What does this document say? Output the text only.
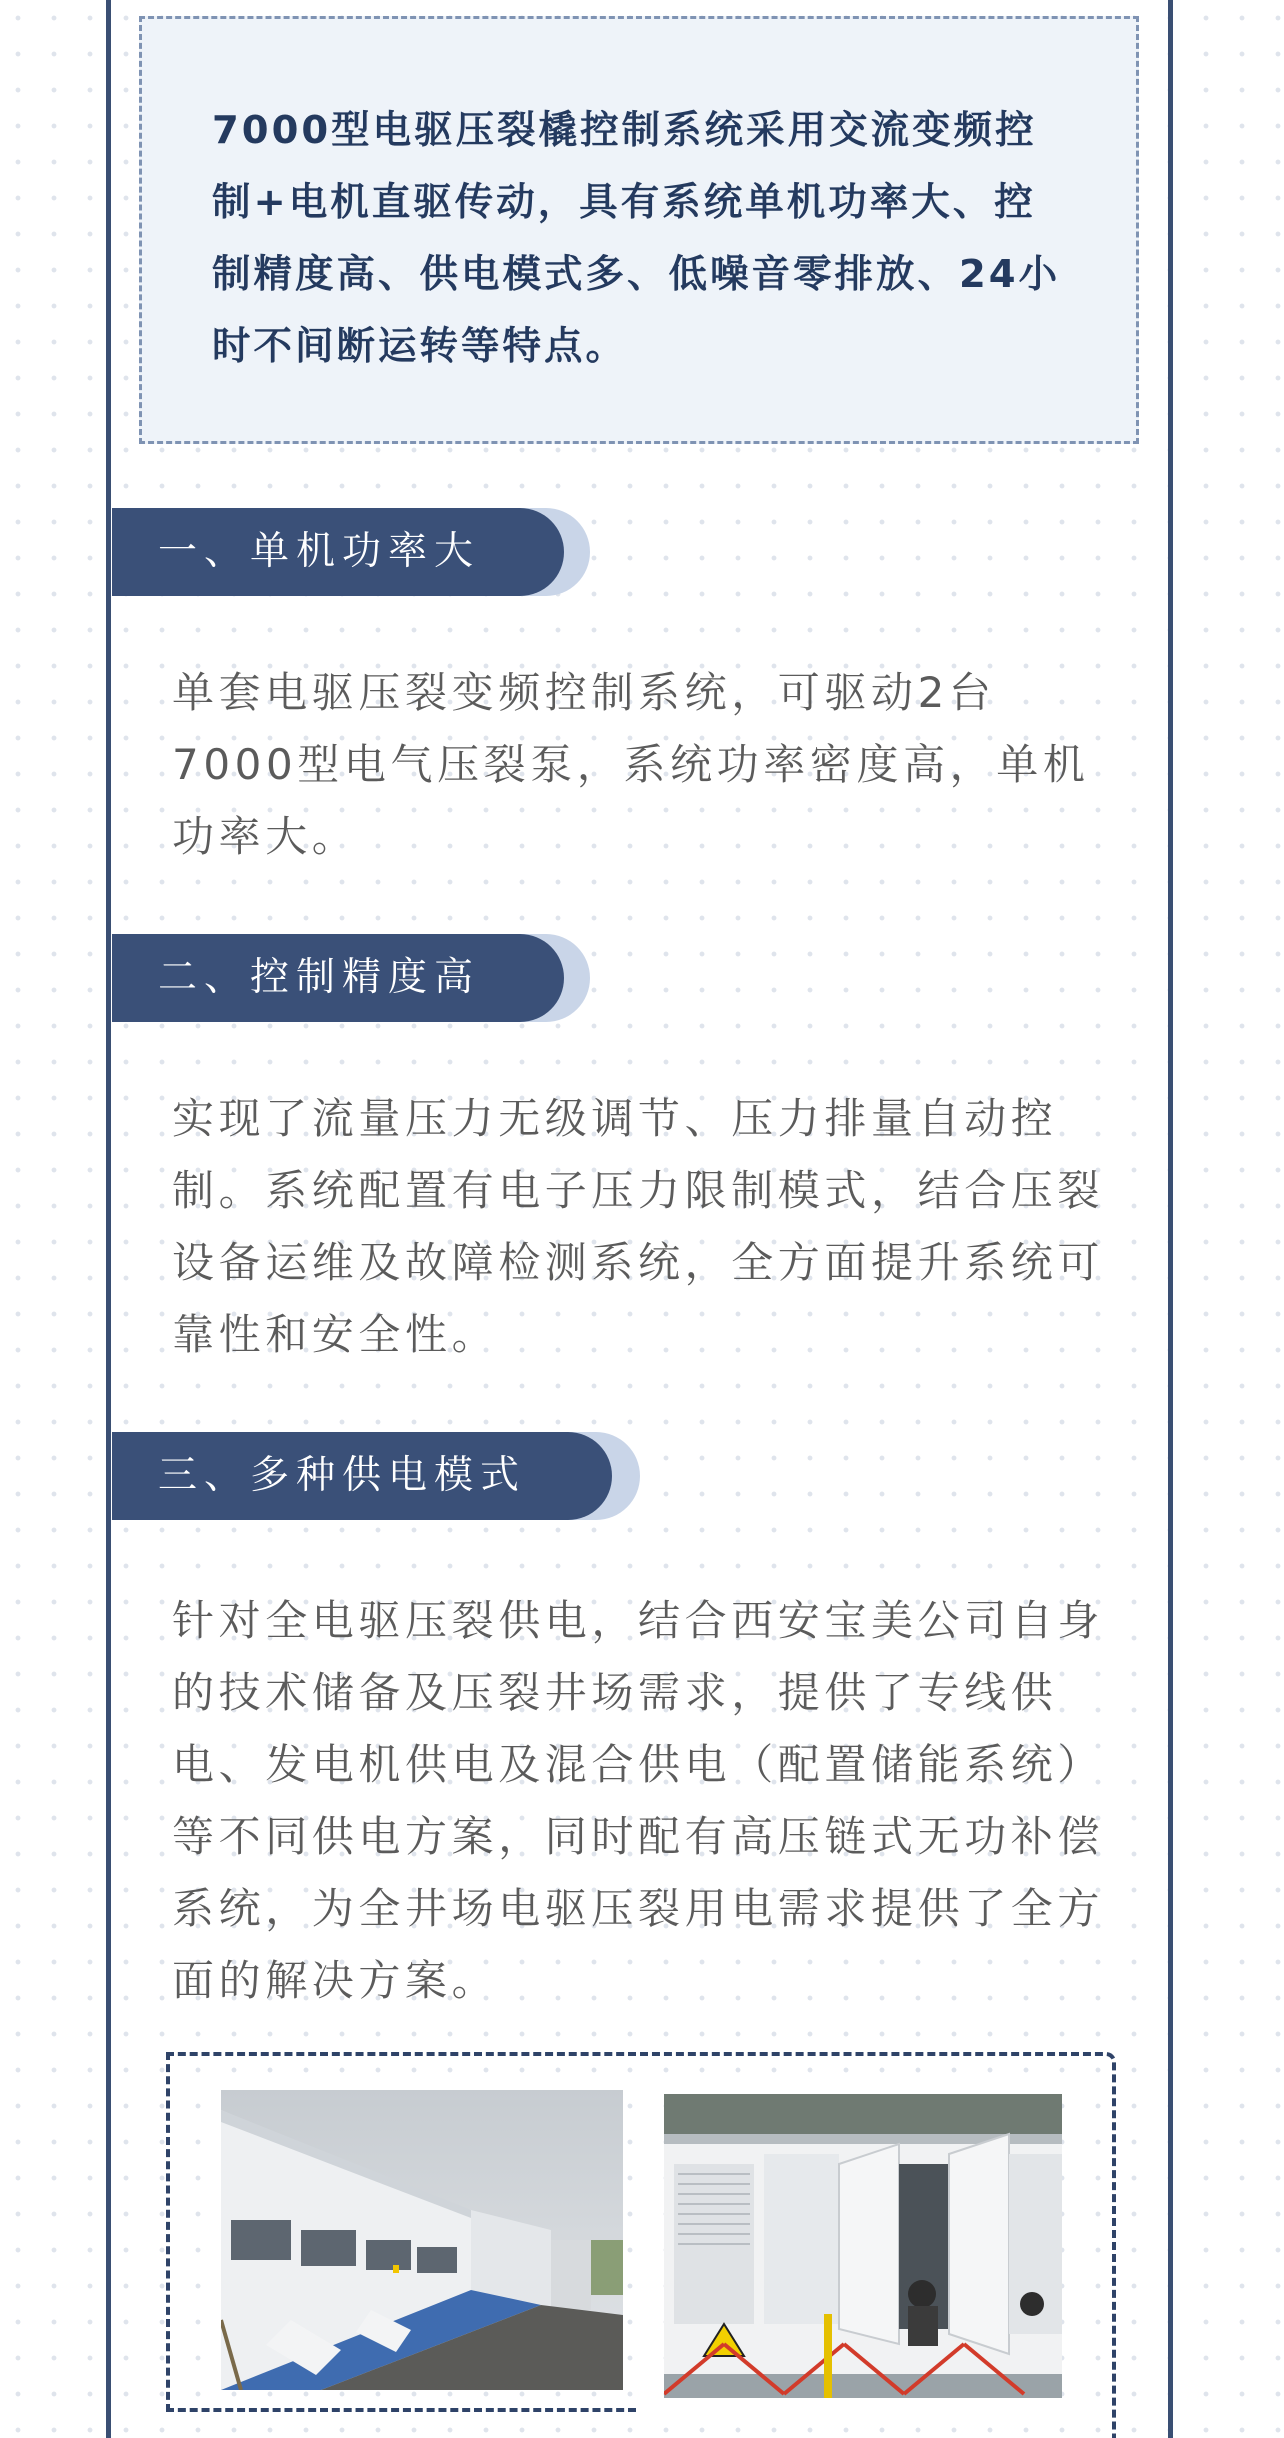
7000型电驱压裂橇控制系统采用交流变频控制+电机直驱传动，具有系统单机功率大、控制精度高、供电模式多、低噪音零排放、24小时不间断运转等特点。

一、单机功率大

单套电驱压裂变频控制系统，可驱动2台7000型电气压裂泵，系统功率密度高，单机功率大。

二、控制精度高

实现了流量压力无级调节、压力排量自动控制。系统配置有电子压力限制模式，结合压裂设备运维及故障检测系统，全方面提升系统可靠性和安全性。

三、多种供电模式

针对全电驱压裂供电，结合西安宝美公司自身的技术储备及压裂井场需求，提供了专线供电、发电机供电及混合供电（配置储能系统）等不同供电方案，同时配有高压链式无功补偿系统，为全井场电驱压裂用电需求提供了全方面的解决方案。
